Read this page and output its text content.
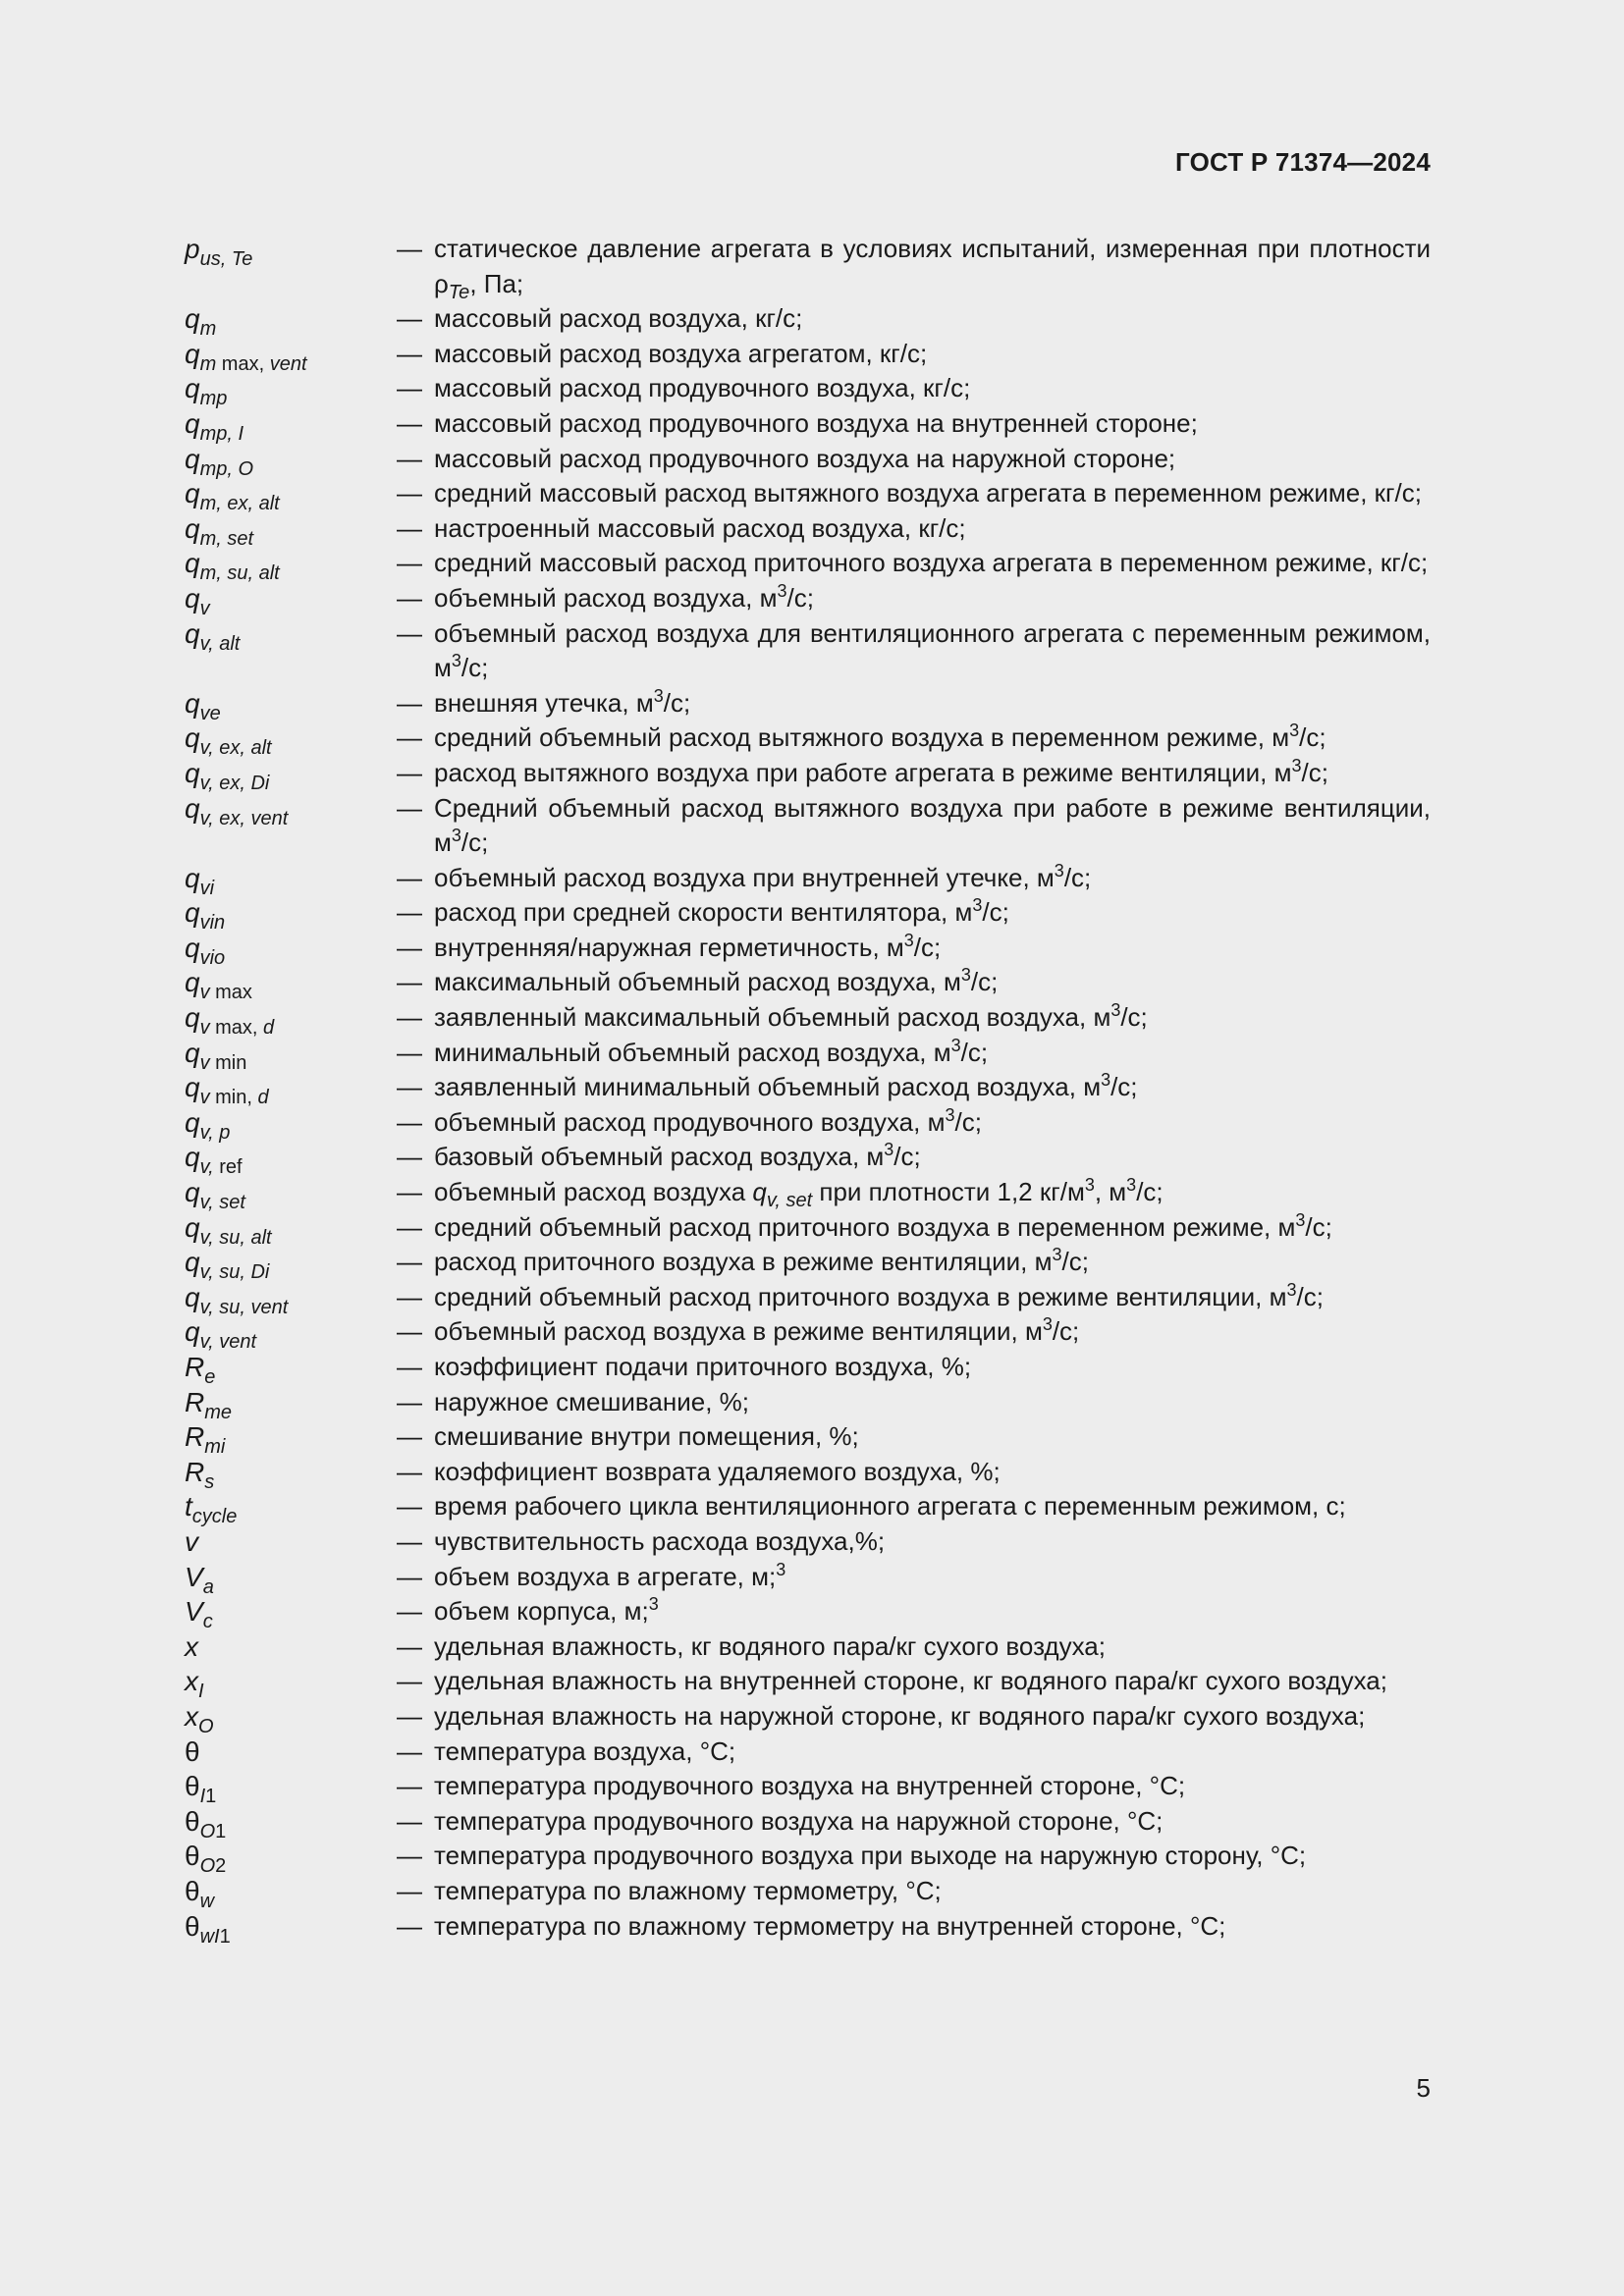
ГОСТ Р 71374—2024
$p_{us, Te}$	— статическое давление агрегата в условиях испытаний, измеренная при плотности $\rho_{Te}$, Па;
$q_m$	— массовый расход воздуха, кг/с;
$q_{m max, vent}$	— массовый расход воздуха агрегатом, кг/с;
$q_{mp}$	— массовый расход продувочного воздуха, кг/с;
$q_{mp, I}$	— массовый расход продувочного воздуха на внутренней стороне;
$q_{mp, O}$	— массовый расход продувочного воздуха на наружной стороне;
$q_{m, ex, alt}$	— средний массовый расход вытяжного воздуха агрегата в переменном режиме, кг/с;
$q_{m, set}$	— настроенный массовый расход воздуха, кг/с;
$q_{m, su, alt}$	— средний массовый расход приточного воздуха агрегата в переменном режиме, кг/с;
$q_v$	— объемный расход воздуха, $м^3/с$;
$q_{v, alt}$	— объемный расход воздуха для вентиляционного агрегата с переменным режимом, $м^3/с$;
$q_{ve}$	— внешняя утечка, $м^3/с$;
$q_{v, ex, alt}$	— средний объемный расход вытяжного воздуха в переменном режиме, $м^3/с$;
$q_{v, ex, Di}$	— расход вытяжного воздуха при работе агрегата в режиме вентиляции, $м^3/с$;
$q_{v, ex, vent}$	— Средний объемный расход вытяжного воздуха при работе в режиме вентиляции, $м^3/с$;
$q_{vi}$	— объемный расход воздуха при внутренней утечке, $м^3/с$;
$q_{vin}$	— расход при средней скорости вентилятора, $м^3/с$;
$q_{vio}$	— внутренняя/наружная герметичность, $м^3/с$;
$q_{v max}$	— максимальный объемный расход воздуха, $м^3/с$;
$q_{v max, d}$	— заявленный максимальный объемный расход воздуха, $м^3/с$;
$q_{v min}$	— минимальный объемный расход воздуха, $м^3/с$;
$q_{v min, d}$	— заявленный минимальный объемный расход воздуха, $м^3/с$;
$q_{v, p}$	— объемный расход продувочного воздуха, $м^3/с$;
$q_{v, ref}$	— базовый объемный расход воздуха, $м^3/с$;
$q_{v, set}$	— объемный расход воздуха $q_{v, set}$ при плотности 1,2 $кг/м^3$, $м^3/с$;
$q_{v, su, alt}$	— средний объемный расход приточного воздуха в переменном режиме, $м^3/с$;
$q_{v, su, Di}$	— расход приточного воздуха в режиме вентиляции, $м^3/с$;
$q_{v, su, vent}$	— средний объемный расход приточного воздуха в режиме вентиляции, $м^3/с$;
$q_{v, vent}$	— объемный расход воздуха в режиме вентиляции, $м^3/с$;
$R_e$	— коэффициент подачи приточного воздуха, %;
$R_{me}$	— наружное смешивание, %;
$R_{mi}$	— смешивание внутри помещения, %;
$R_s$	— коэффициент возврата удаляемого воздуха, %;
$t_{cycle}$	— время рабочего цикла вентиляционного агрегата с переменным режимом, с;
v	— чувствительность расхода воздуха,%;
$V_a$	— объем воздуха в агрегате, м;$^3$
$V_c$	— объем корпуса, м;$^3$
x	— удельная влажность, кг водяного пара/кг сухого воздуха;
$x_I$	— удельная влажность на внутренней стороне, кг водяного пара/кг сухого воздуха;
$x_O$	— удельная влажность на наружной стороне, кг водяного пара/кг сухого воздуха;
θ	— температура воздуха, °С;
$\theta_{I1}$	— температура продувочного воздуха на внутренней стороне, °С;
$\theta_{O1}$	— температура продувочного воздуха на наружной стороне, °С;
$\theta_{O2}$	— температура продувочного воздуха при выходе на наружную сторону, °С;
$\theta_w$	— температура по влажному термометру, °С;
$\theta_{wI1}$	— температура по влажному термометру на внутренней стороне, °С;
5
